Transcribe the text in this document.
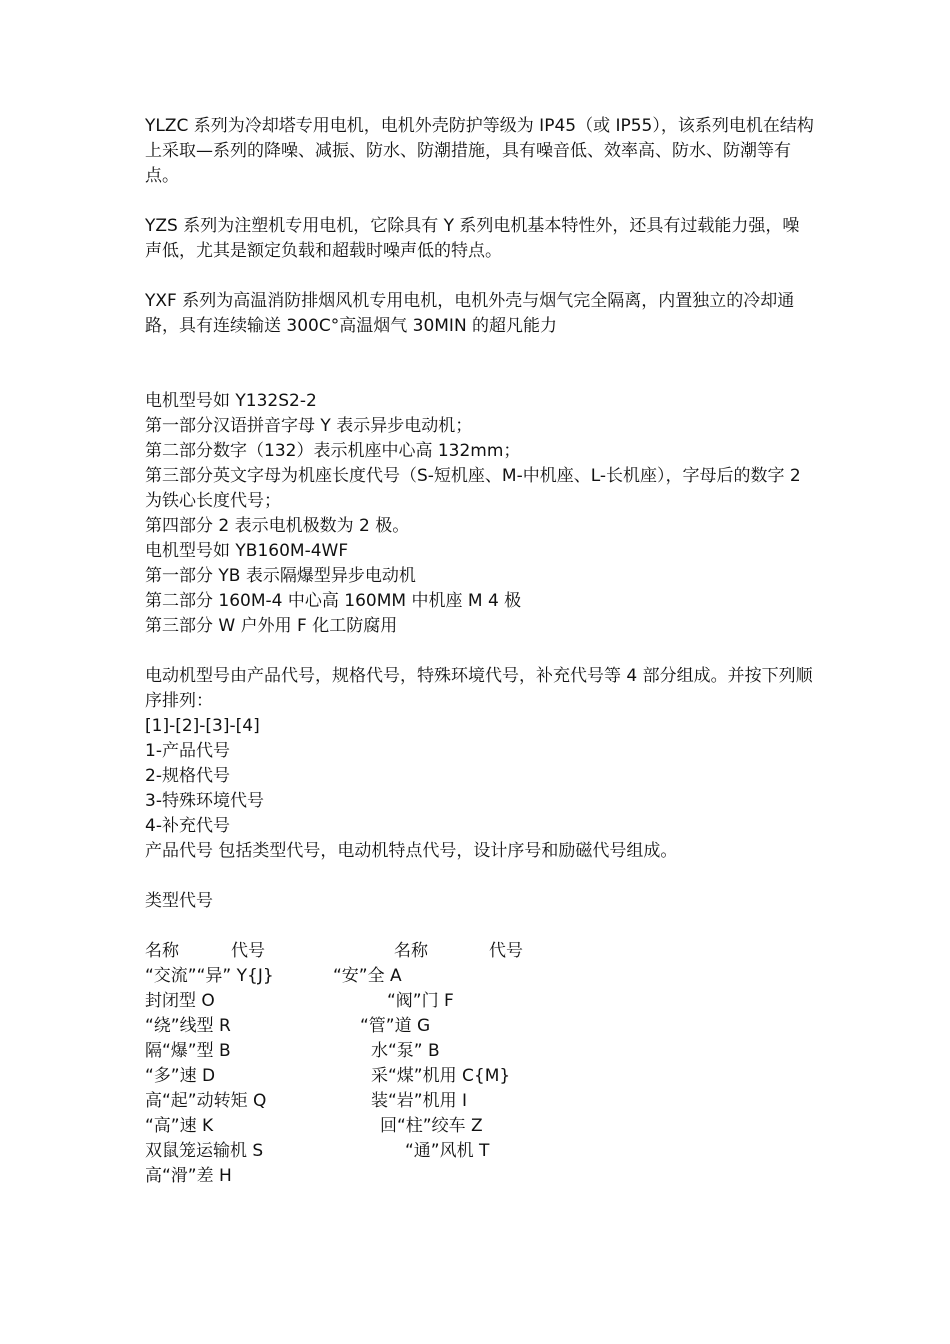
YLZC 系列为冷却塔专用电机，电机外壳防护等级为 IP45（或 IP55），该系列电机在结构上采取—系列的降噪、减振、防水、防潮措施，具有噪音低、效率高、防水、防潮等有点。

YZS 系列为注塑机专用电机，它除具有 Y 系列电机基本特性外，还具有过载能力强，噪声低，尤其是额定负载和超载时噪声低的特点。

YXF 系列为高温消防排烟风机专用电机，电机外壳与烟气完全隔离，内置独立的冷却通路，具有连续输送 300C°高温烟气 30MIN 的超凡能力

电机型号如 Y132S2-2

第一部分汉语拼音字母 Y 表示异步电动机；

第二部分数字（132）表示机座中心高 132mm；

第三部分英文字母为机座长度代号（S-短机座、M-中机座、L-长机座），字母后的数字 2 为铁心长度代号；

第四部分 2 表示电机极数为 2 极。

电机型号如 YB160M-4WF

第一部分 YB 表示隔爆型异步电动机

第二部分 160M-4 中心高 160MM 中机座 M 4 极

第三部分 W 户外用 F 化工防腐用

电动机型号由产品代号，规格代号，特殊环境代号，补充代号等 4 部分组成。并按下列顺序排列：

[1]-[2]-[3]-[4]

1-产品代号

2-规格代号

3-特殊环境代号

4-补充代号

产品代号 包括类型代号，电动机特点代号，设计序号和励磁代号组成。

类型代号

名称	代号	名称	代号
“交流”“异” Y{J}	“安”全 A
封闭型 O	“阀”门 F
“绕”线型 R	“管”道 G
隔“爆”型 B	水“泵” B
“多”速 D	采“煤”机用 C{M}
高“起”动转矩 Q	装“岩”机用 I
“高”速 K	回“柱”绞车 Z
双鼠笼运输机 S	“通”风机 T
高“滑”差 H
